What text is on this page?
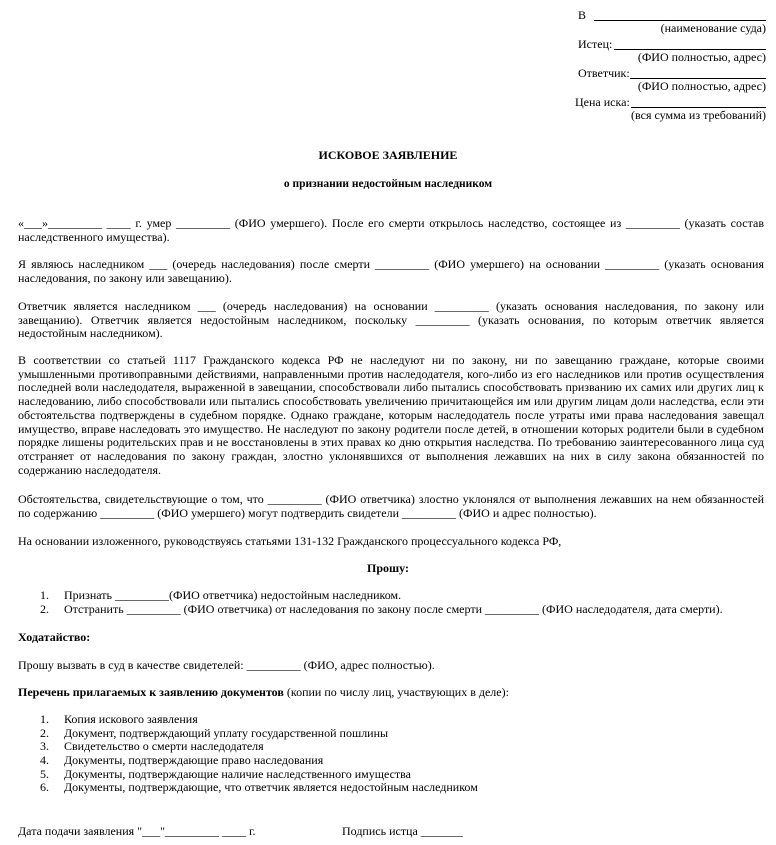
В
(наименование суда)
Истец:
(ФИО полностью, адрес)
Ответчик:
(ФИО полностью, адрес)
Цена иска:
(вся сумма из требований)
ИСКОВОЕ ЗАЯВЛЕНИЕ
о признании недостойным наследником
«___»_________ ____ г. умер _________ (ФИО умершего). После его смерти открылось наследство, состоящее из _________ (указать состав наследственного имущества).
Я являюсь наследником ___ (очередь наследования) после смерти _________ (ФИО умершего) на основании _________ (указать основания наследования, по закону или завещанию).
Ответчик является наследником ___ (очередь наследования) на основании _________ (указать основания наследования, по закону или завещанию). Ответчик является недостойным наследником, поскольку _________ (указать основания, по которым ответчик является недостойным наследником).
В соответствии со статьей 1117 Гражданского кодекса РФ не наследуют ни по закону, ни по завещанию граждане, которые своими умышленными противоправными действиями, направленными против наследодателя, кого-либо из его наследников или против осуществления последней воли наследодателя, выраженной в завещании, способствовали либо пытались способствовать призванию их самих или других лиц к наследованию, либо способствовали или пытались способствовать увеличению причитающейся им или другим лицам доли наследства, если эти обстоятельства подтверждены в судебном порядке. Однако граждане, которым наследодатель после утраты ими права наследования завещал имущество, вправе наследовать это имущество. Не наследуют по закону родители после детей, в отношении которых родители были в судебном порядке лишены родительских прав и не восстановлены в этих правах ко дню открытия наследства. По требованию заинтересованного лица суд отстраняет от наследования по закону граждан, злостно уклонявшихся от выполнения лежавших на них в силу закона обязанностей по содержанию наследодателя.
Обстоятельства, свидетельствующие о том, что _________ (ФИО ответчика) злостно уклонялся от выполнения лежавших на нем обязанностей по содержанию _________ (ФИО умершего) могут подтвердить свидетели _________ (ФИО и адрес полностью).
На основании изложенного, руководствуясь статьями 131-132 Гражданского процессуального кодекса РФ,
Прошу:
1. Признать _________(ФИО ответчика) недостойным наследником.
2. Отстранить _________ (ФИО ответчика) от наследования по закону после смерти _________ (ФИО наследодателя, дата смерти).
Ходатайство:
Прошу вызвать в суд в качестве свидетелей: _________ (ФИО, адрес полностью).
Перечень прилагаемых к заявлению документов (копии по числу лиц, участвующих в деле):
1. Копия искового заявления
2. Документ, подтверждающий уплату государственной пошлины
3. Свидетельство о смерти наследодателя
4. Документы, подтверждающие право наследования
5. Документы, подтверждающие наличие наследственного имущества
6. Документы, подтверждающие, что ответчик является недостойным наследником
Дата подачи заявления "___"_________ ____ г.	Подпись истца _______
